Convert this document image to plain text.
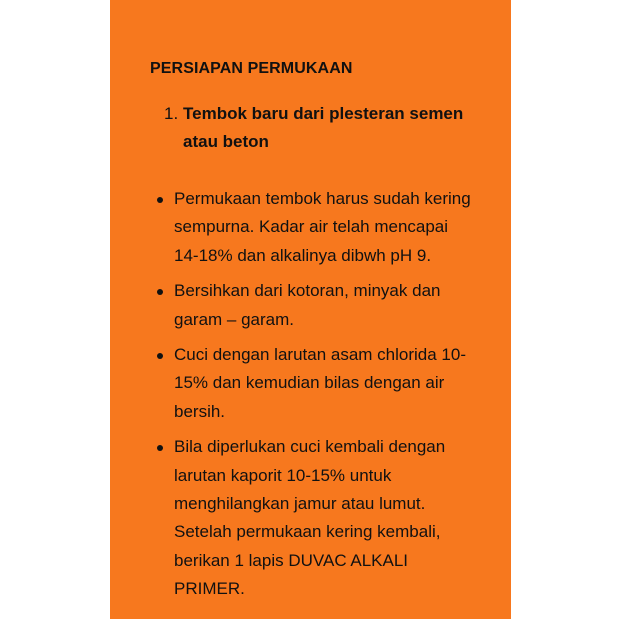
PERSIAPAN PERMUKAAN
1. Tembok baru dari plesteran semen atau beton
Permukaan tembok harus sudah kering sempurna. Kadar air telah mencapai 14-18% dan alkalinya dibwh pH 9.
Bersihkan dari kotoran, minyak dan garam – garam.
Cuci dengan larutan asam chlorida 10-15% dan kemudian bilas dengan air bersih.
Bila diperlukan cuci kembali dengan larutan kaporit 10-15% untuk menghilangkan jamur atau lumut. Setelah permukaan kering kembali, berikan 1 lapis DUVAC ALKALI PRIMER.
